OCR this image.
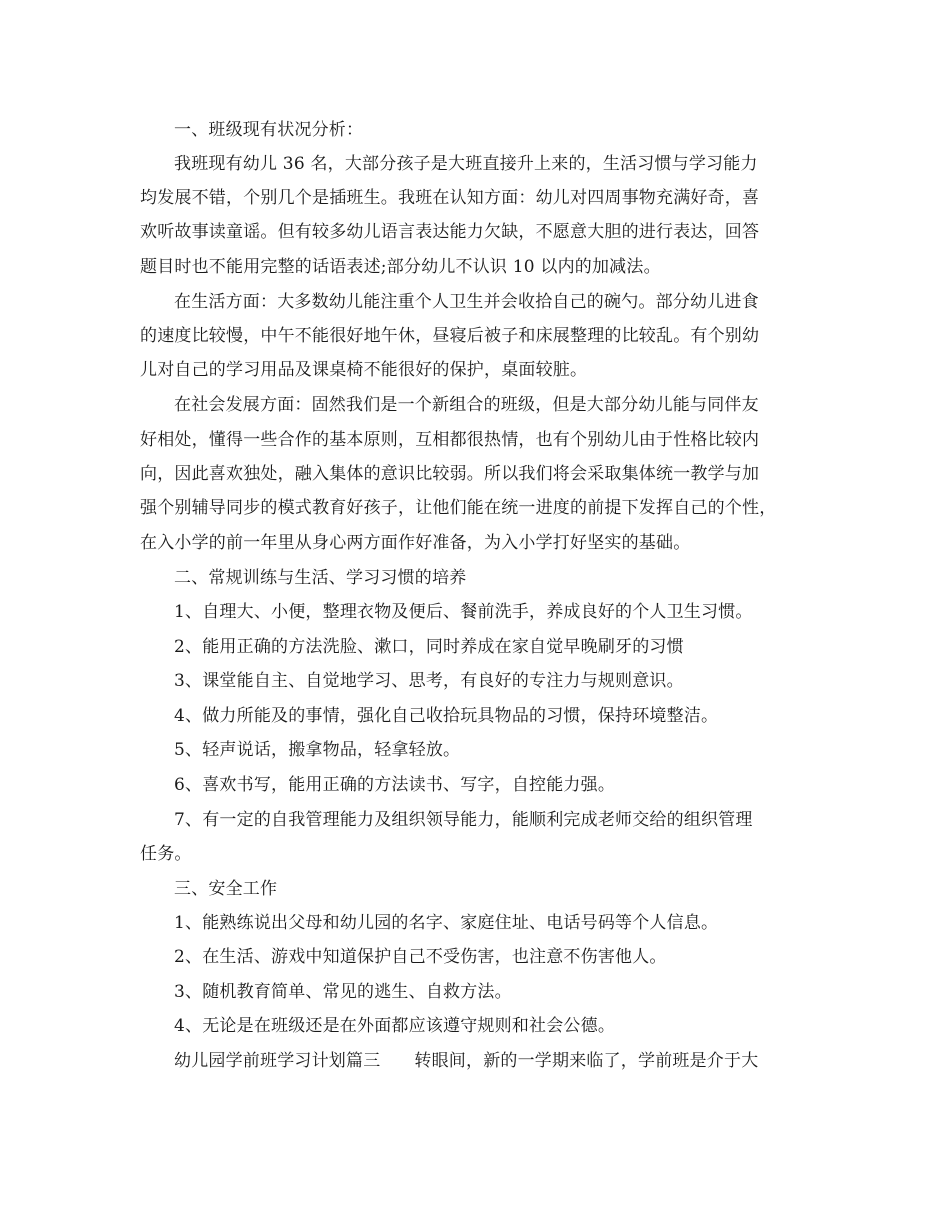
一、班级现有状况分析：
我班现有幼儿 36 名，大部分孩子是大班直接升上来的，生活习惯与学习能力
均发展不错，个别几个是插班生。我班在认知方面：幼儿对四周事物充满好奇，喜
欢听故事读童谣。但有较多幼儿语言表达能力欠缺，不愿意大胆的进行表达，回答
题目时也不能用完整的话语表述;部分幼儿不认识 10 以内的加减法。
在生活方面：大多数幼儿能注重个人卫生并会收拾自己的碗勺。部分幼儿进食
的速度比较慢，中午不能很好地午休，昼寝后被子和床展整理的比较乱。有个别幼
儿对自己的学习用品及课桌椅不能很好的保护，桌面较脏。
在社会发展方面：固然我们是一个新组合的班级，但是大部分幼儿能与同伴友
好相处，懂得一些合作的基本原则，互相都很热情，也有个别幼儿由于性格比较内
向，因此喜欢独处，融入集体的意识比较弱。所以我们将会采取集体统一教学与加
强个别辅导同步的模式教育好孩子，让他们能在统一进度的前提下发挥自己的个性，
在入小学的前一年里从身心两方面作好准备，为入小学打好坚实的基础。
二、常规训练与生活、学习习惯的培养
1、自理大、小便，整理衣物及便后、餐前洗手，养成良好的个人卫生习惯。
2、能用正确的方法洗脸、漱口，同时养成在家自觉早晚刷牙的习惯
3、课堂能自主、自觉地学习、思考，有良好的专注力与规则意识。
4、做力所能及的事情，强化自己收拾玩具物品的习惯，保持环境整洁。
5、轻声说话，搬拿物品，轻拿轻放。
6、喜欢书写，能用正确的方法读书、写字，自控能力强。
7、有一定的自我管理能力及组织领导能力，能顺利完成老师交给的组织管理
任务。
三、安全工作
1、能熟练说出父母和幼儿园的名字、家庭住址、电话号码等个人信息。
2、在生活、游戏中知道保护自己不受伤害，也注意不伤害他人。
3、随机教育简单、常见的逃生、自救方法。
4、无论是在班级还是在外面都应该遵守规则和社会公德。
幼儿园学前班学习计划篇三 转眼间，新的一学期来临了，学前班是介于大
